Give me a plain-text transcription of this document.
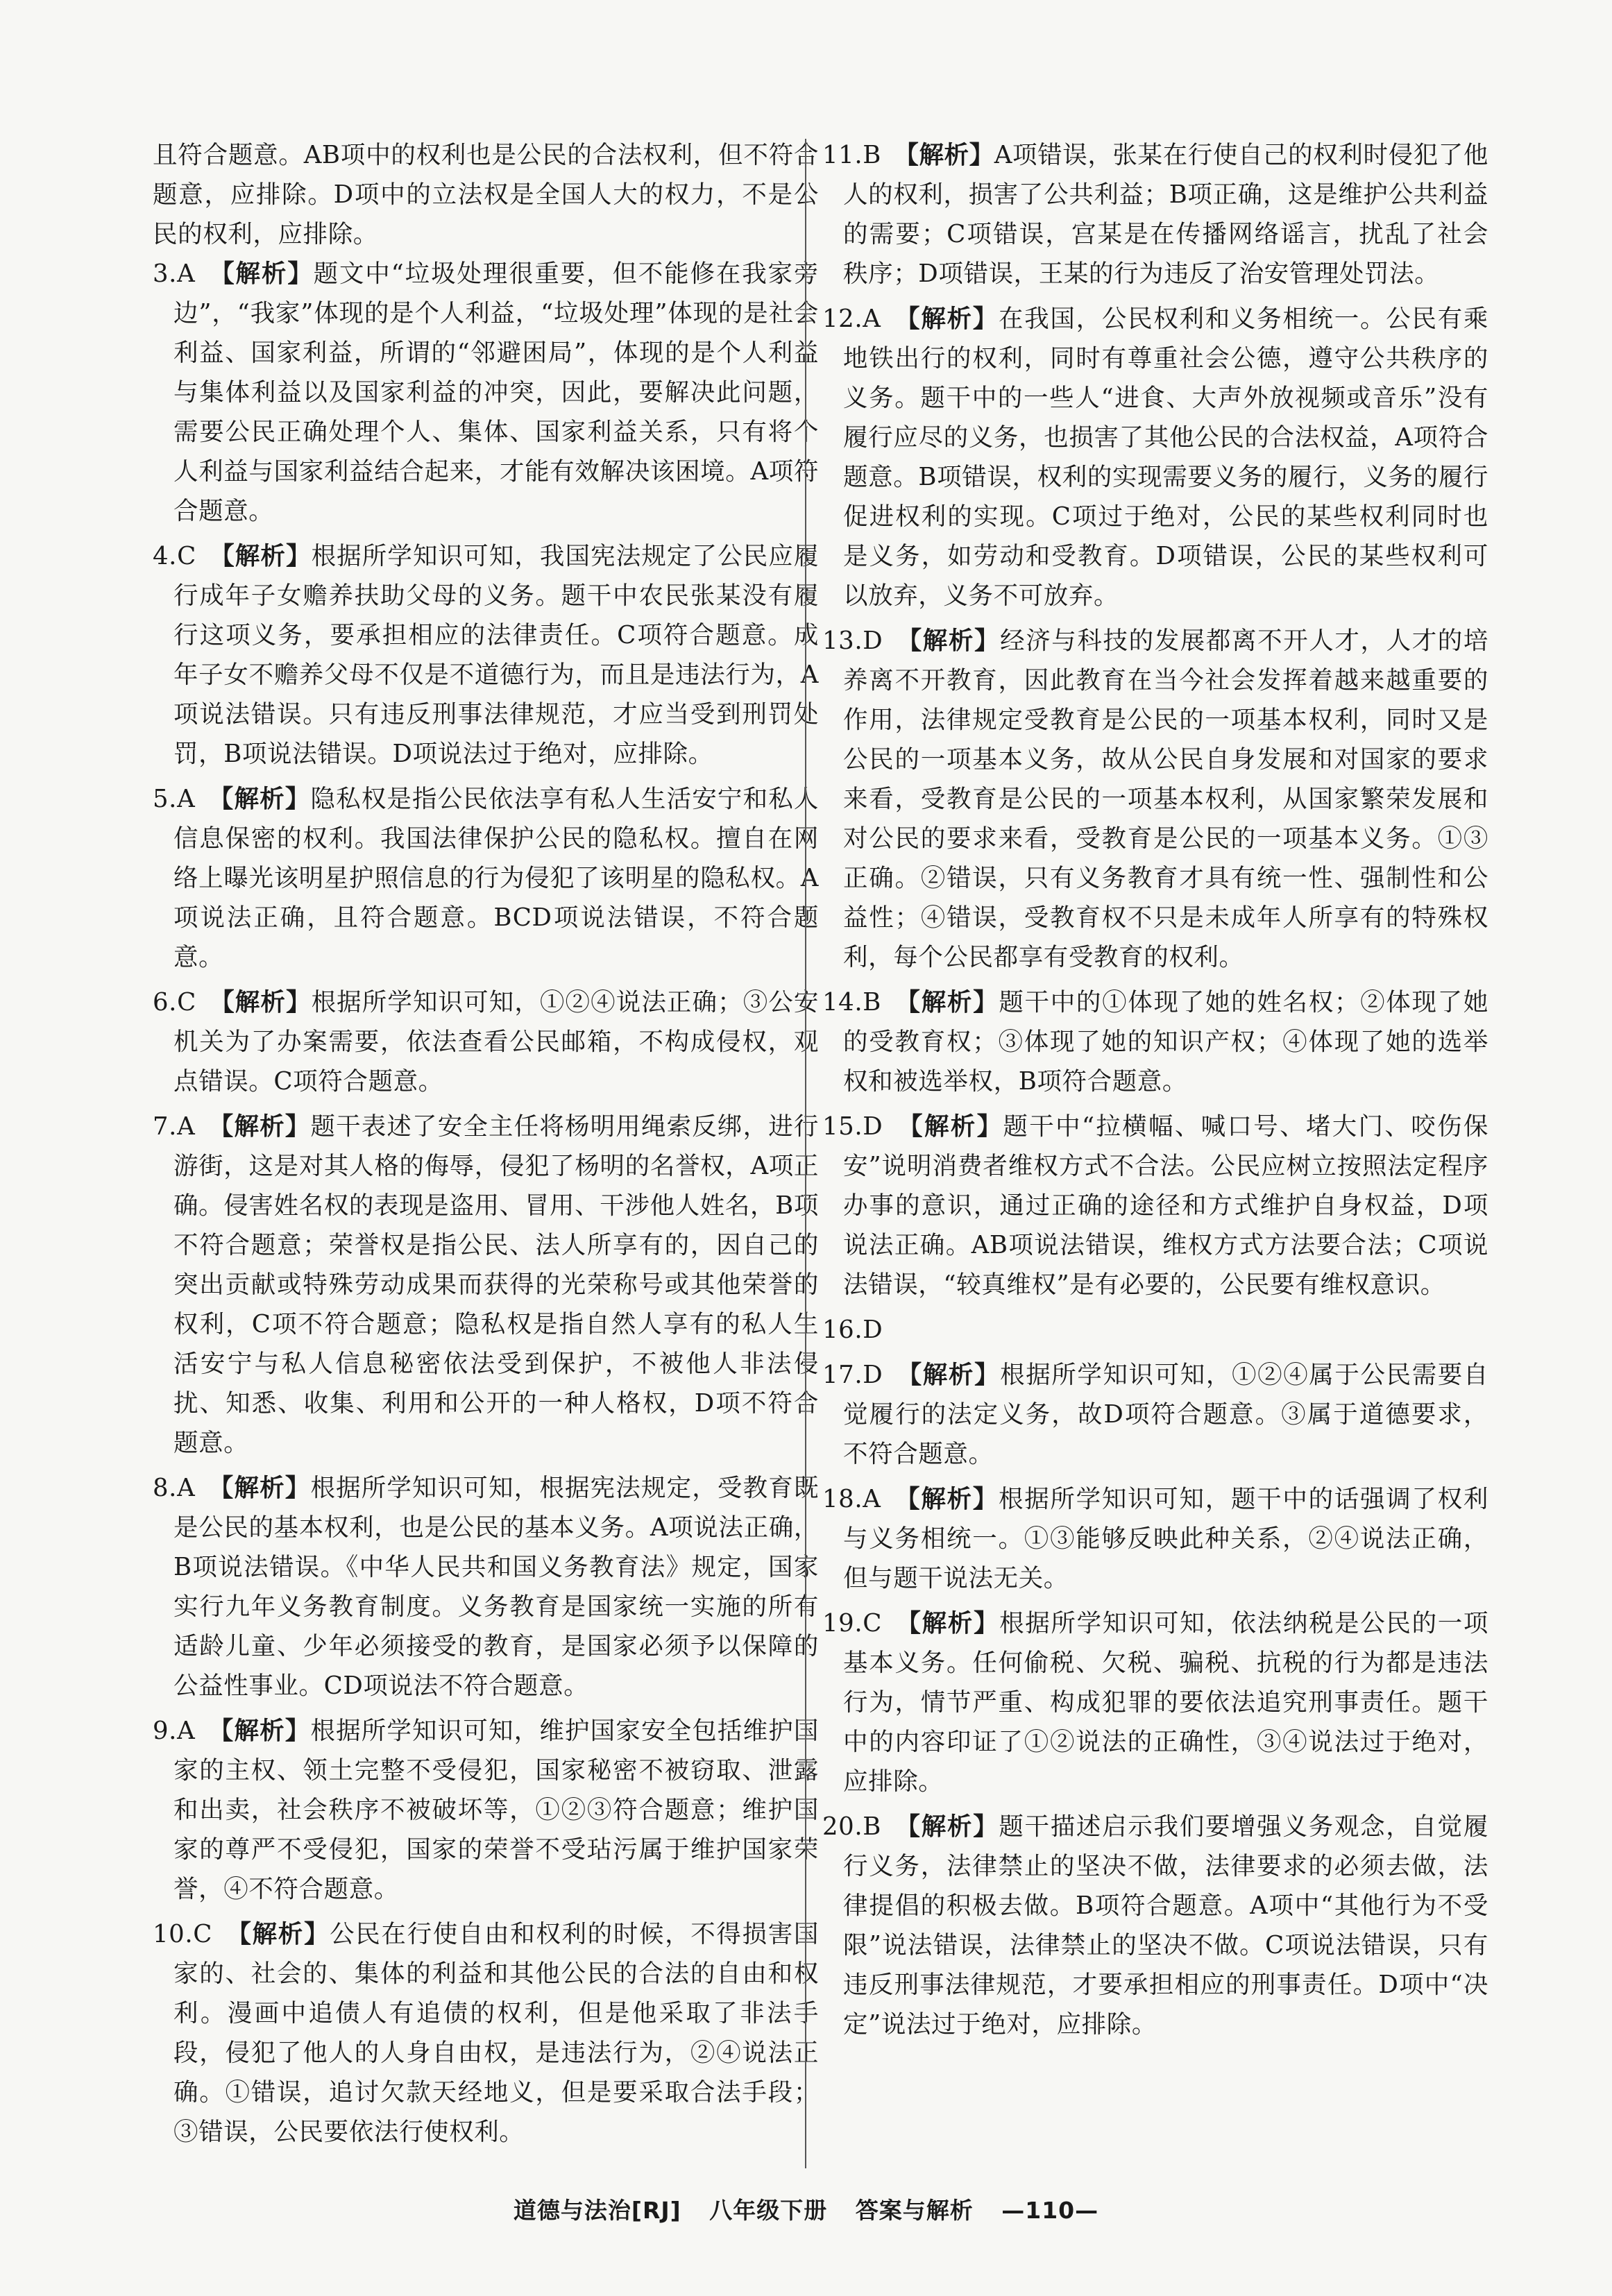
且符合题意。AB项中的权利也是公民的合法权利，但不符合题意，应排除。D项中的立法权是全国人大的权力，不是公民的权利，应排除。

3.A　 【解析】题文中“垃圾处理很重要，但不能修在我家旁边”，“我家”体现的是个人利益，“垃圾处理”体现的是社会利益、国家利益，所谓的“邻避困局”，体现的是个人利益与集体利益以及国家利益的冲突，因此，要解决此问题，需要公民正确处理个人、集体、国家利益关系，只有将个人利益与国家利益结合起来，才能有效解决该困境。A项符合题意。

4.C　 【解析】根据所学知识可知，我国宪法规定了公民应履行成年子女赡养扶助父母的义务。题干中农民张某没有履行这项义务，要承担相应的法律责任。C项符合题意。成年子女不赡养父母不仅是不道德行为，而且是违法行为，A项说法错误。只有违反刑事法律规范，才应当受到刑罚处罚，B项说法错误。D项说法过于绝对，应排除。

5.A　 【解析】隐私权是指公民依法享有私人生活安宁和私人信息保密的权利。我国法律保护公民的隐私权。擅自在网络上曝光该明星护照信息的行为侵犯了该明星的隐私权。A项说法正确，且符合题意。BCD项说法错误，不符合题意。

6.C　 【解析】根据所学知识可知，①②④说法正确；③公安机关为了办案需要，依法查看公民邮箱，不构成侵权，观点错误。C项符合题意。

7.A　 【解析】题干表述了安全主任将杨明用绳索反绑，进行游街，这是对其人格的侮辱，侵犯了杨明的名誉权，A项正确。侵害姓名权的表现是盗用、冒用、干涉他人姓名，B项不符合题意；荣誉权是指公民、法人所享有的，因自己的突出贡献或特殊劳动成果而获得的光荣称号或其他荣誉的权利，C项不符合题意；隐私权是指自然人享有的私人生活安宁与私人信息秘密依法受到保护，不被他人非法侵扰、知悉、收集、利用和公开的一种人格权，D项不符合题意。

8.A　 【解析】根据所学知识可知，根据宪法规定，受教育既是公民的基本权利，也是公民的基本义务。A项说法正确，B项说法错误。《中华人民共和国义务教育法》规定，国家实行九年义务教育制度。义务教育是国家统一实施的所有适龄儿童、少年必须接受的教育，是国家必须予以保障的公益性事业。CD项说法不符合题意。

9.A　 【解析】根据所学知识可知，维护国家安全包括维护国家的主权、领土完整不受侵犯，国家秘密不被窃取、泄露和出卖，社会秩序不被破坏等，①②③符合题意；维护国家的尊严不受侵犯，国家的荣誉不受玷污属于维护国家荣誉，④不符合题意。

10.C　 【解析】公民在行使自由和权利的时候，不得损害国家的、社会的、集体的利益和其他公民的合法的自由和权利。漫画中追债人有追债的权利，但是他采取了非法手段，侵犯了他人的人身自由权，是违法行为，②④说法正确。①错误，追讨欠款天经地义，但是要采取合法手段；③错误，公民要依法行使权利。

11.B　 【解析】A项错误，张某在行使自己的权利时侵犯了他人的权利，损害了公共利益；B项正确，这是维护公共利益的需要；C项错误，宫某是在传播网络谣言，扰乱了社会秩序；D项错误，王某的行为违反了治安管理处罚法。

12.A　 【解析】在我国，公民权利和义务相统一。公民有乘地铁出行的权利，同时有尊重社会公德，遵守公共秩序的义务。题干中的一些人“进食、大声外放视频或音乐”没有履行应尽的义务，也损害了其他公民的合法权益，A项符合题意。B项错误，权利的实现需要义务的履行，义务的履行促进权利的实现。C项过于绝对，公民的某些权利同时也是义务，如劳动和受教育。D项错误，公民的某些权利可以放弃，义务不可放弃。

13.D　 【解析】经济与科技的发展都离不开人才，人才的培养离不开教育，因此教育在当今社会发挥着越来越重要的作用，法律规定受教育是公民的一项基本权利，同时又是公民的一项基本义务，故从公民自身发展和对国家的要求来看，受教育是公民的一项基本权利，从国家繁荣发展和对公民的要求来看，受教育是公民的一项基本义务。①③正确。②错误，只有义务教育才具有统一性、强制性和公益性；④错误，受教育权不只是未成年人所享有的特殊权利，每个公民都享有受教育的权利。

14.B　 【解析】题干中的①体现了她的姓名权；②体现了她的受教育权；③体现了她的知识产权；④体现了她的选举权和被选举权，B项符合题意。

15.D　 【解析】题干中“拉横幅、喊口号、堵大门、咬伤保安”说明消费者维权方式不合法。公民应树立按照法定程序办事的意识，通过正确的途径和方式维护自身权益，D项说法正确。AB项说法错误，维权方式方法要合法；C项说法错误，“较真维权”是有必要的，公民要有维权意识。

16.D

17.D　 【解析】根据所学知识可知，①②④属于公民需要自觉履行的法定义务，故D项符合题意。③属于道德要求，不符合题意。

18.A　 【解析】根据所学知识可知，题干中的话强调了权利与义务相统一。①③能够反映此种关系，②④说法正确，但与题干说法无关。

19.C　 【解析】根据所学知识可知，依法纳税是公民的一项基本义务。任何偷税、欠税、骗税、抗税的行为都是违法行为，情节严重、构成犯罪的要依法追究刑事责任。题干中的内容印证了①②说法的正确性，③④说法过于绝对，应排除。

20.B　 【解析】题干描述启示我们要增强义务观念，自觉履行义务，法律禁止的坚决不做，法律要求的必须去做，法律提倡的积极去做。B项符合题意。A项中“其他行为不受限”说法错误，法律禁止的坚决不做。C项说法错误，只有违反刑事法律规范，才要承担相应的刑事责任。D项中“决定”说法过于绝对，应排除。

道德与法治[RJ] 八年级下册 答案与解析 —110—
